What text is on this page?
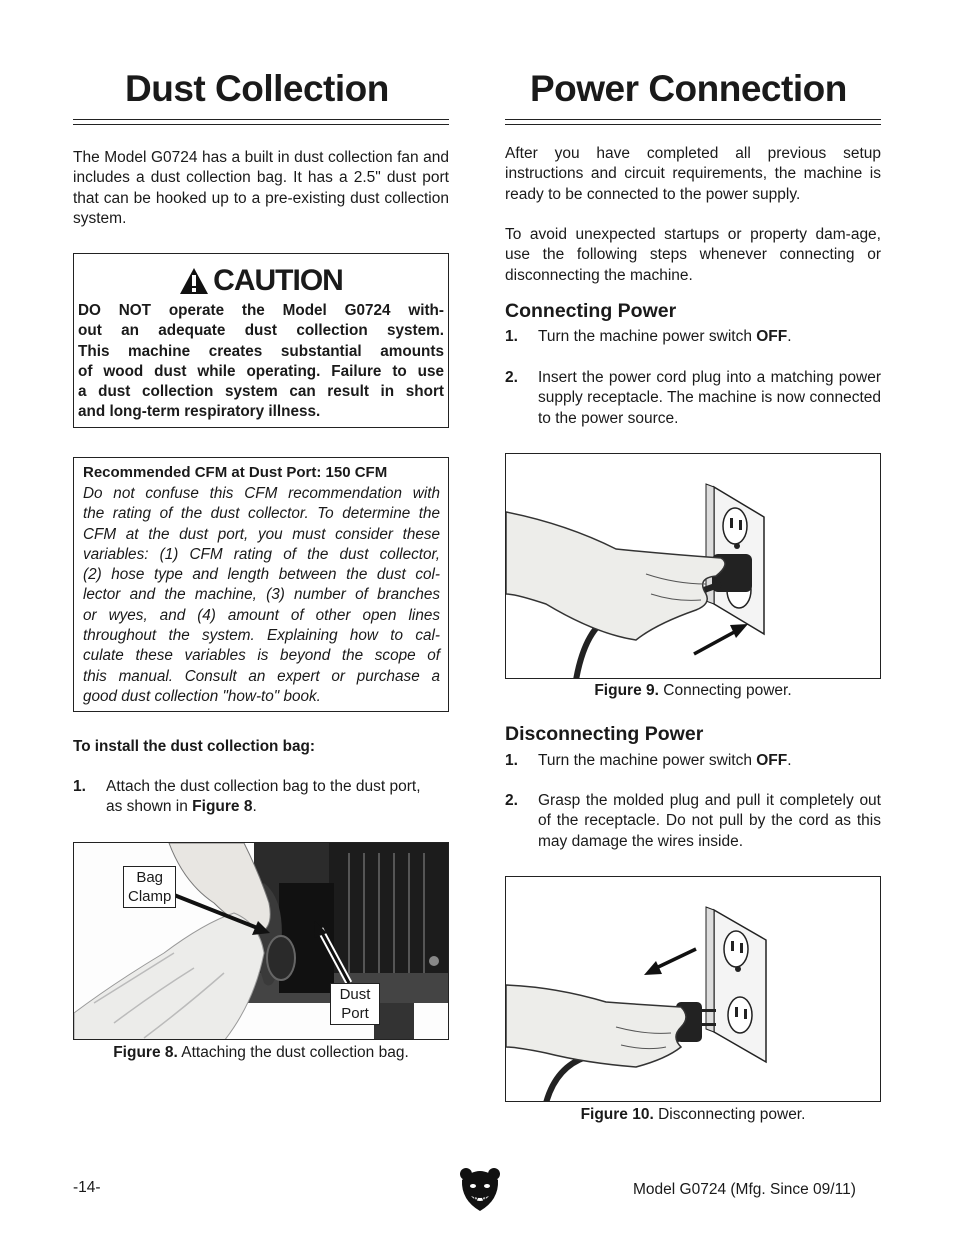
Dust Collection

The Model G0724 has a built in dust collection fan and includes a dust collection bag. It has a 2.5" dust port that can be hooked up to a pre-existing dust collection system.

CAUTION
DO NOT operate the Model G0724 with-
out an adequate dust collection system.
This machine creates substantial amounts
of wood dust while operating. Failure to use
a dust collection system can result in short
and long-term respiratory illness.
Recommended CFM at Dust Port: 150 CFM
Do not confuse this CFM recommendation with
the rating of the dust collector. To determine the
CFM at the dust port, you must consider these
variables: (1) CFM rating of the dust collector,
(2) hose type and length between the dust col-
lector and the machine, (3) number of branches
or wyes, and (4) amount of other open lines
throughout the system. Explaining how to cal-
culate these variables is beyond the scope of
this manual. Consult an expert or purchase a
good dust collection "how-to" book.
To install the dust collection bag:
1. Attach the dust collection bag to the dust port,
as shown in Figure 8.
Bag
Clamp
Dust
Port
Figure 8. Attaching the dust collection bag.
Power Connection

After you have completed all previous setup instructions and circuit requirements, the machine is ready to be connected to the power supply.

To avoid unexpected startups or property dam-age, use the following steps whenever connecting or disconnecting the machine.

Connecting Power
1. Turn the machine power switch OFF.
2. Insert the power cord plug into a matching power supply receptacle. The machine is now connected to the power source.
Figure 9. Connecting power.
Disconnecting Power
1. Turn the machine power switch OFF.
2. Grasp the molded plug and pull it completely out of the receptacle. Do not pull by the cord as this may damage the wires inside.
Figure 10. Disconnecting power.
-14-	Model G0724 (Mfg. Since 09/11)
